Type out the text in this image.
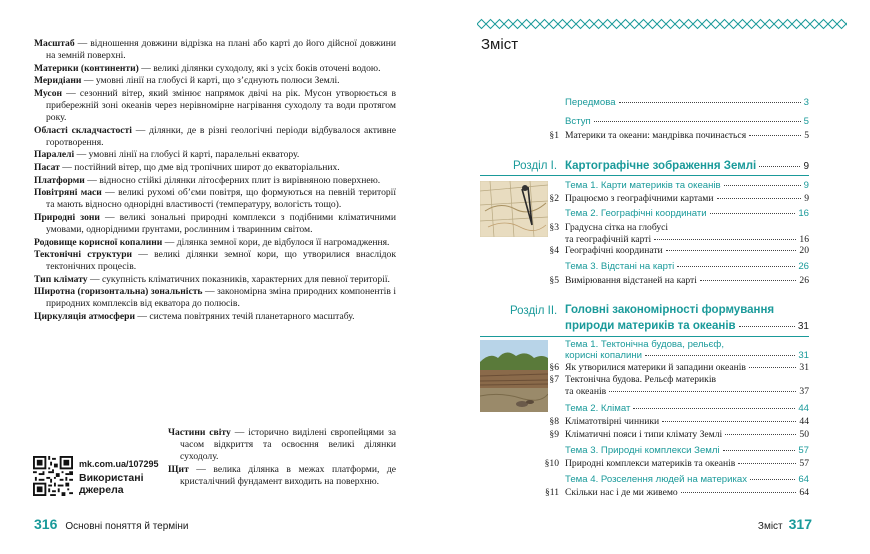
Масштаб — відношення довжини відрізка на плані або карті до його дійсної довжини на земній поверхні.

Материки (континенти) — великі ділянки суходолу, які з усіх боків оточені водою.

Меридіани — умовні лінії на глобусі й карті, що з’єднують полюси Землі.

Мусон — сезонний вітер, який змінює напрямок двічі на рік. Мусон утворюється в прибережній зоні океанів через нерівномірне нагрівання суходолу та води протягом року.

Області складчастості — ділянки, де в різні геологічні періоди відбувалося активне горотворення.

Паралелі — умовні лінії на глобусі й карті, паралельні екватору.

Пасат — постійний вітер, що дме від тропічних широт до екваторіальних.

Платформи — відносно стійкі ділянки літосферних плит із вирівняною поверхнею.

Повітряні маси — великі рухомі об’єми повітря, що формуються на певній території та мають відносно однорідні властивості (температуру, вологість тощо).

Природні зони — великі зональні природні комплекси з подібними кліматичними умовами, однорідними ґрунтами, рослинним і тваринним світом.

Родовище корисної копалини — ділянка земної кори, де відбулося її нагромадження.

Тектонічні структури — великі ділянки земної кори, що утворилися внаслідок тектонічних процесів.

Тип клімату — сукупність кліматичних показників, характерних для певної території.

Широтна (горизонтальна) зональність — закономірна зміна природних компонентів і природних комплексів від екватора до полюсів.

Циркуляція атмосфери — система повітряних течій планетарного масштабу.

Частини світу — історично виділені європейцями за часом відкриття та освоєння великі ділянки суходолу.

Щит — велика ділянка в межах платформи, де кристалічний фундамент виходить на поверхню.

mk.com.ua/107295
Використані джерела
316 Основні поняття й терміни
Зміст
Передмова	3
Вступ	5
§1 Материки та океани: мандрівка починається	5
Розділ I. Картографічне зображення Землі	9
Тема 1. Карти материків та океанів	9
§2 Працюємо з географічними картами	9
Тема 2. Географічні координати	16
§3 Градусна сітка на глобусі
та географічній карті	16
§4 Географічні координати	20
Тема 3. Відстані на карті	26
§5 Вимірювання відстаней на карті	26
Розділ II. Головні закономірності формування
природи материків та океанів	31
Тема 1. Тектонічна будова, рельєф,
корисні копалини	31
§6 Як утворилися материки й западини океанів	31
§7 Тектонічна будова. Рельєф материків
та океанів	37
Тема 2. Клімат	44
§8 Кліматотвірні чинники	44
§9 Кліматичні пояси і типи клімату Землі	50
Тема 3. Природні комплекси Землі	57
§10 Природні комплекси материків та океанів	57
Тема 4. Розселення людей на материках	64
§11 Скільки нас і де ми живемо	64
Зміст 317
